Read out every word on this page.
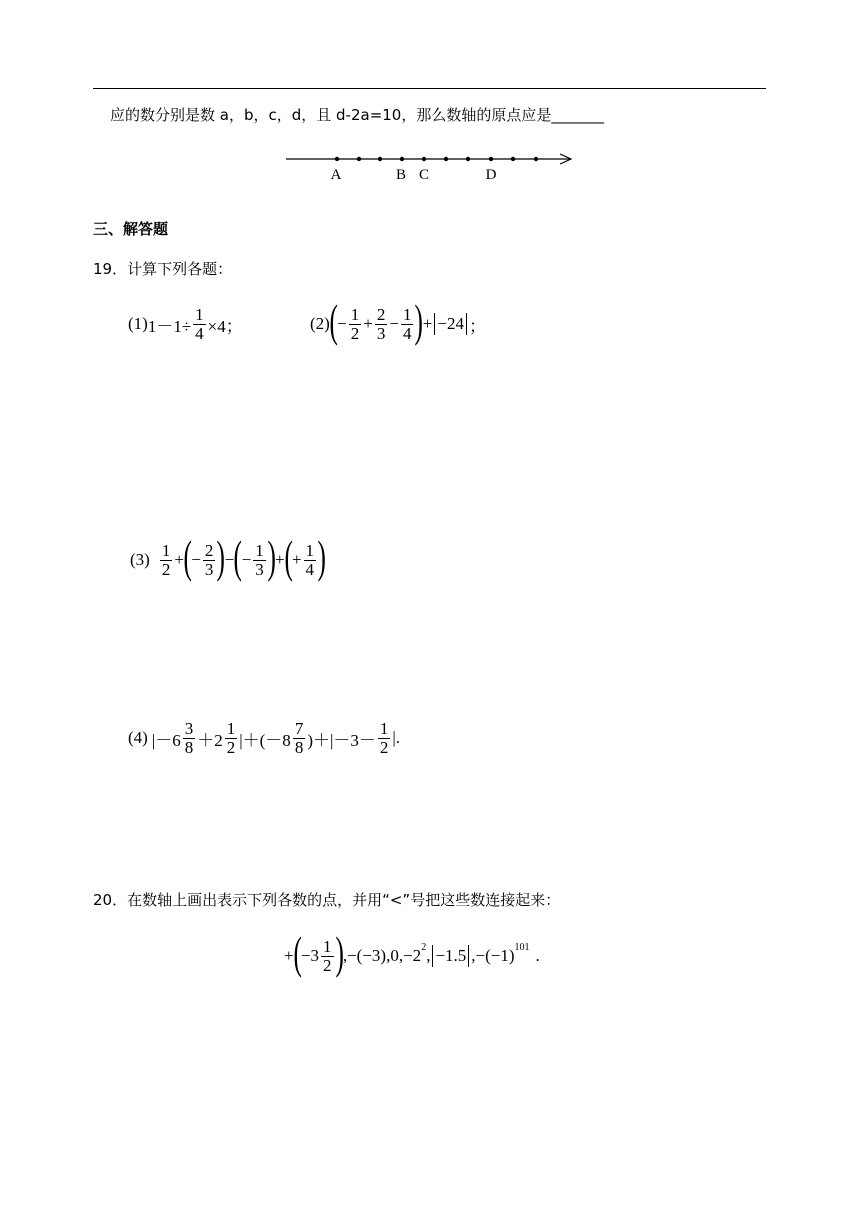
应的数分别是数 a，b，c，d，且 d-2a=10，那么数轴的原点应是_______
A	B C	D
三、解答题
19．计算下列各题：
(1) $1-1\div \frac{1}{4} \times 4$；	(2) ( − $\frac{1}{2} + \frac{2}{3} - \frac{1}{4}$ ) + −24 ；
$(3) \frac{1}{2}$ + ( − $\frac{2}{3}$ ) − ( − $\frac{1}{3}$ ) + ( + $\frac{1}{4}$ )
(4) $|-6 \frac{3}{8} +2 \frac{1}{2} |+(-8 \frac{7}{8} )+|-3- \frac{1}{2}$ |.
20．在数轴上画出表示下列各数的点，并用“<”号把这些数连接起来：
+ ( $-3 \frac{1}{2}$ ) ,−(−3),0,−2 2 , −1.5 ,−(−1) 101 .
